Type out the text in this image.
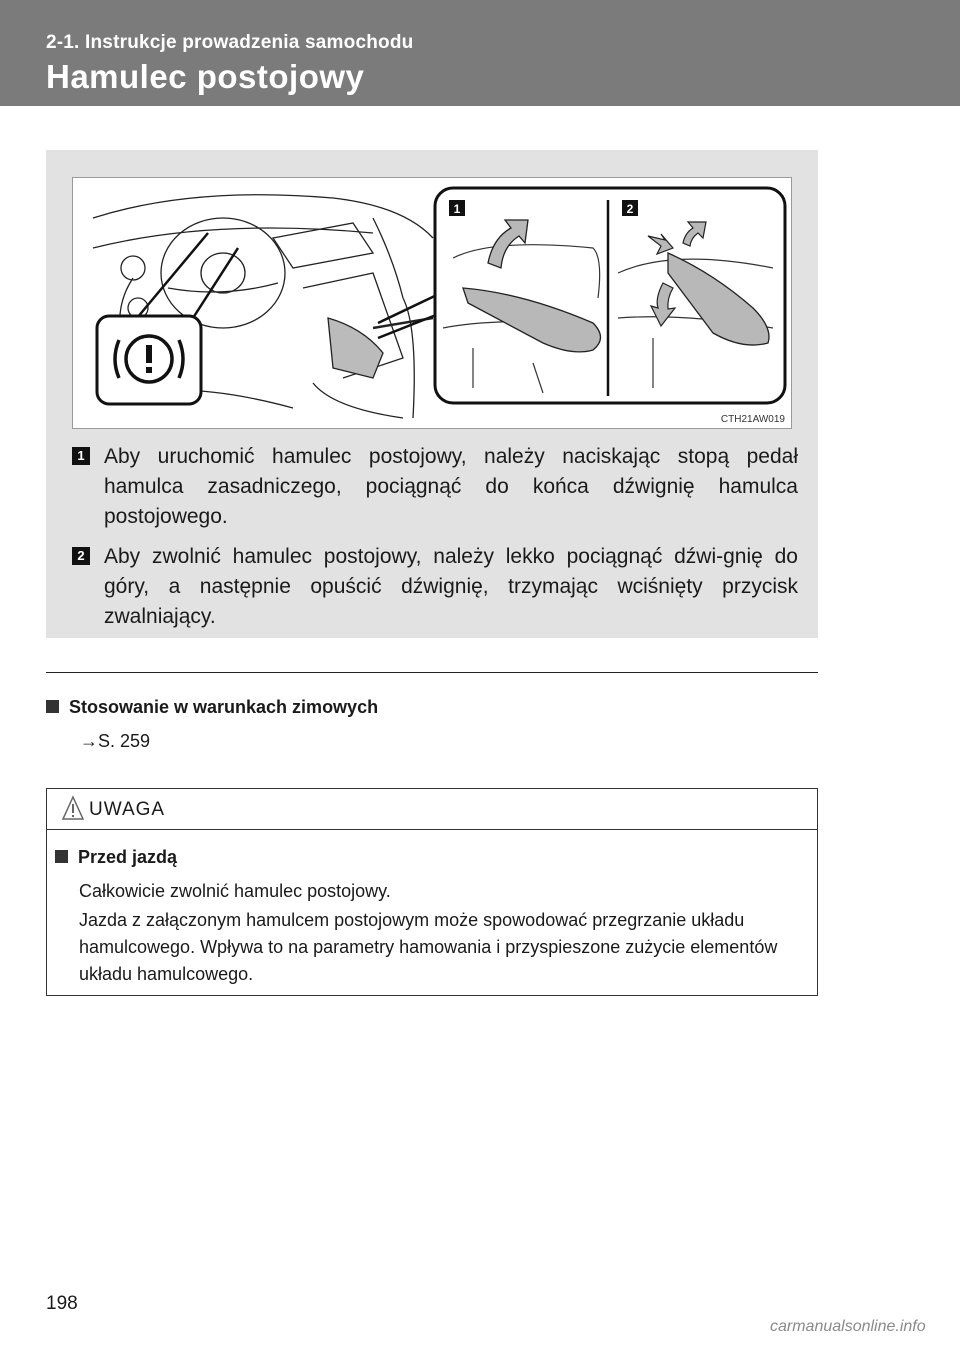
2-1. Instrukcje prowadzenia samochodu
Hamulec postojowy
1	2
CTH21AW019
1 Aby uruchomić hamulec postojowy, należy naciskając stopą pedał hamulca zasadniczego, pociągnąć do końca dźwignię hamulca postojowego.
2 Aby zwolnić hamulec postojowy, należy lekko pociągnąć dźwi-gnię do góry, a następnie opuścić dźwignię, trzymając wciśnięty przycisk zwalniający.
Stosowanie w warunkach zimowych
→S. 259
UWAGA
Przed jazdą
Całkowicie zwolnić hamulec postojowy.
Jazda z załączonym hamulcem postojowym może spowodować przegrzanie układu hamulcowego. Wpływa to na parametry hamowania i przyspieszone zużycie elementów układu hamulcowego.
198
carmanualsonline.info
